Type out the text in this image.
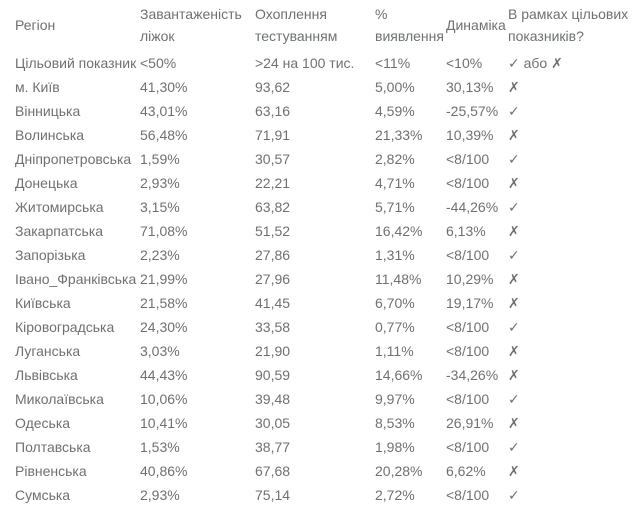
Регіон	Завантаженість ліжок	Охоплення тестуванням	% виявлення	Динаміка	В рамках цільових показників?
Цільовий показник	<50%	>24 на 100 тис.	<11%	<10%	✓ або ✗
м. Київ	41,30%	93,62	5,00%	30,13%	✗
Вінницька	43,01%	63,16	4,59%	-25,57%	✓
Волинська	56,48%	71,91	21,33%	10,39%	✗
Дніпропетровська	1,59%	30,57	2,82%	<8/100	✓
Донецька	2,93%	22,21	4,71%	<8/100	✗
Житомирська	3,15%	63,82	5,71%	-44,26%	✓
Закарпатська	71,08%	51,52	16,42%	6,13%	✗
Запорізька	2,23%	27,86	1,31%	<8/100	✓
Івано_Франківська	21,99%	27,96	11,48%	10,29%	✗
Київська	21,58%	41,45	6,70%	19,17%	✗
Кіровоградська	24,30%	33,58	0,77%	<8/100	✓
Луганська	3,03%	21,90	1,11%	<8/100	✗
Львівська	44,43%	90,59	14,66%	-34,26%	✗
Миколаївська	10,06%	39,48	9,97%	<8/100	✓
Одеська	10,41%	30,05	8,53%	26,91%	✗
Полтавська	1,53%	38,77	1,98%	<8/100	✓
Рівненська	40,86%	67,68	20,28%	6,62%	✗
Сумська	2,93%	75,14	2,72%	<8/100	✓
